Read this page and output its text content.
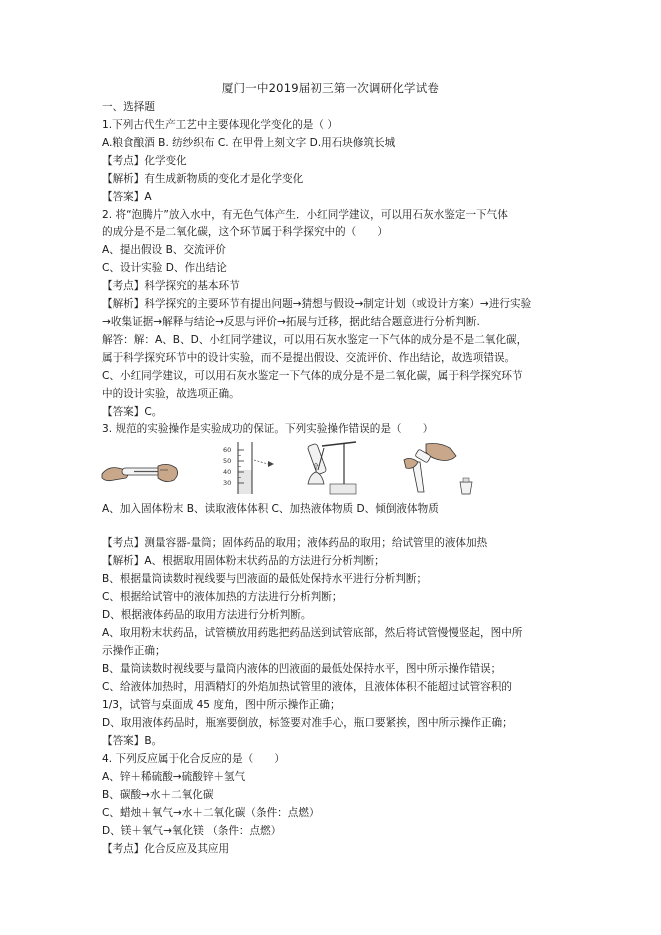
厦门一中2019届初三第一次调研化学试卷
一、选择题
1.下列古代生产工艺中主要体现化学变化的是（ ）
A.粮食酿酒 B. 纺纱织布 C. 在甲骨上刻文字 D.用石块修筑长城
【考点】化学变化
【解析】有生成新物质的变化才是化学变化
【答案】A
2. 将“泡腾片”放入水中，有无色气体产生．小红同学建议，可以用石灰水鉴定一下气体
的成分是不是二氧化碳，这个环节属于科学探究中的（　　）
A、提出假设 B、交流评价
C、设计实验 D、作出结论
【考点】科学探究的基本环节
【解析】科学探究的主要环节有提出问题→猜想与假设→制定计划（或设计方案）→进行实验
→收集证据→解释与结论→反思与评价→拓展与迁移，据此结合题意进行分析判断.
解答：解：A、B、D、小红同学建议，可以用石灰水鉴定一下气体的成分是不是二氧化碳，
属于科学探究环节中的设计实验，而不是提出假设、交流评价、作出结论，故选项错误。
C、小红同学建议，可以用石灰水鉴定一下气体的成分是不是二氧化碳，属于科学探究环节
中的设计实验，故选项正确。
【答案】C。
3. 规范的实验操作是实验成功的保证。下列实验操作错误的是（　　）
60
50
40
30
A、加入固体粉末 B、读取液体体积 C、加热液体物质 D、倾倒液体物质
【考点】测量容器-量筒；固体药品的取用；液体药品的取用；给试管里的液体加热
【解析】A、根据取用固体粉末状药品的方法进行分析判断；
B、根据量筒读数时视线要与凹液面的最低处保持水平进行分析判断；
C、根据给试管中的液体加热的方法进行分析判断；
D、根据液体药品的取用方法进行分析判断。
A、取用粉末状药品，试管横放用药匙把药品送到试管底部，然后将试管慢慢竖起，图中所
示操作正确；
B、量筒读数时视线要与量筒内液体的凹液面的最低处保持水平，图中所示操作错误；
C、给液体加热时，用酒精灯的外焰加热试管里的液体，且液体体积不能超过试管容积的
1/3，试管与桌面成 45 度角，图中所示操作正确；
D、取用液体药品时，瓶塞要倒放，标签要对准手心，瓶口要紧挨，图中所示操作正确；
【答案】B。
4. 下列反应属于化合反应的是（　　）
A、锌＋稀硫酸→硫酸锌＋氢气
B、碳酸→水＋二氧化碳
C、蜡烛＋氧气→水＋二氧化碳（条件：点燃）
D、镁＋氧气→氧化镁 （条件：点燃）
【考点】化合反应及其应用
